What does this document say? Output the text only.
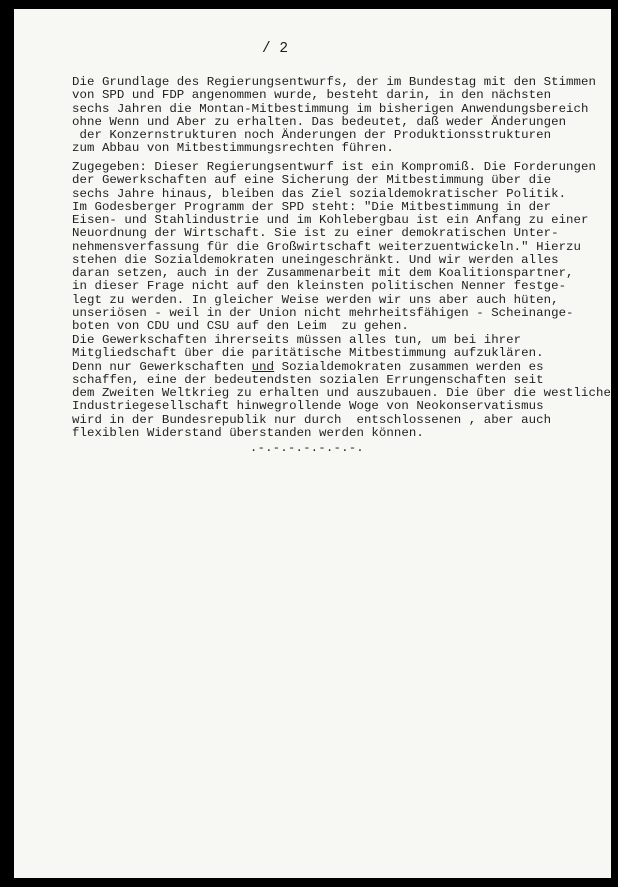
/ 2

Die Grundlage des Regierungsentwurfs, der im Bundestag mit den Stimmen
von SPD und FDP angenommen wurde, besteht darin, in den nächsten
sechs Jahren die Montan-Mitbestimmung im bisherigen Anwendungsbereich
ohne Wenn und Aber zu erhalten. Das bedeutet, daß weder Änderungen
der Konzernstrukturen noch Änderungen der Produktionsstrukturen
zum Abbau von Mitbestimmungsrechten führen.
Zugegeben: Dieser Regierungsentwurf ist ein Kompromiß. Die Forderungen
der Gewerkschaften auf eine Sicherung der Mitbestimmung über die
sechs Jahre hinaus, bleiben das Ziel sozialdemokratischer Politik.
Im Godesberger Programm der SPD steht: "Die Mitbestimmung in der
Eisen- und Stahlindustrie und im Kohlebergbau ist ein Anfang zu einer
Neuordnung der Wirtschaft. Sie ist zu einer demokratischen Unter-
nehmensverfassung für die Großwirtschaft weiterzuentwickeln." Hierzu
stehen die Sozialdemokraten uneingeschränkt. Und wir werden alles
daran setzen, auch in der Zusammenarbeit mit dem Koalitionspartner,
in dieser Frage nicht auf den kleinsten politischen Nenner festge-
legt zu werden. In gleicher Weise werden wir uns aber auch hüten,
unseriösen - weil in der Union nicht mehrheitsfähigen - Scheinange-
boten von CDU und CSU auf den Leim  zu gehen.
Die Gewerkschaften ihrerseits müssen alles tun, um bei ihrer
Mitgliedschaft über die paritätische Mitbestimmung aufzuklären.
Denn nur Gewerkschaften und Sozialdemokraten zusammen werden es
schaffen, eine der bedeutendsten sozialen Errungenschaften seit
dem Zweiten Weltkrieg zu erhalten und auszubauen. Die über die westliche
Industriegesellschaft hinwegrollende Woge von Neokonservatismus
wird in der Bundesrepublik nur durch  entschlossenen , aber auch
flexiblen Widerstand überstanden werden können.

.-.-.-.-.-.-.-.
